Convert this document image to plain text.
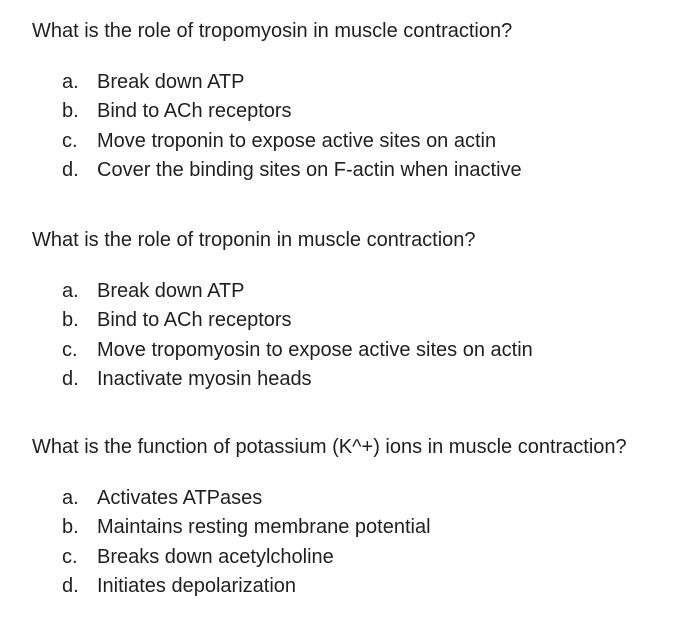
What is the role of tropomyosin in muscle contraction?

a. Break down ATP
b. Bind to ACh receptors
c. Move troponin to expose active sites on actin
d. Cover the binding sites on F-actin when inactive

What is the role of troponin in muscle contraction?

a. Break down ATP
b. Bind to ACh receptors
c. Move tropomyosin to expose active sites on actin
d. Inactivate myosin heads

What is the function of potassium (K^+) ions in muscle contraction?

a. Activates ATPases
b. Maintains resting membrane potential
c. Breaks down acetylcholine
d. Initiates depolarization
